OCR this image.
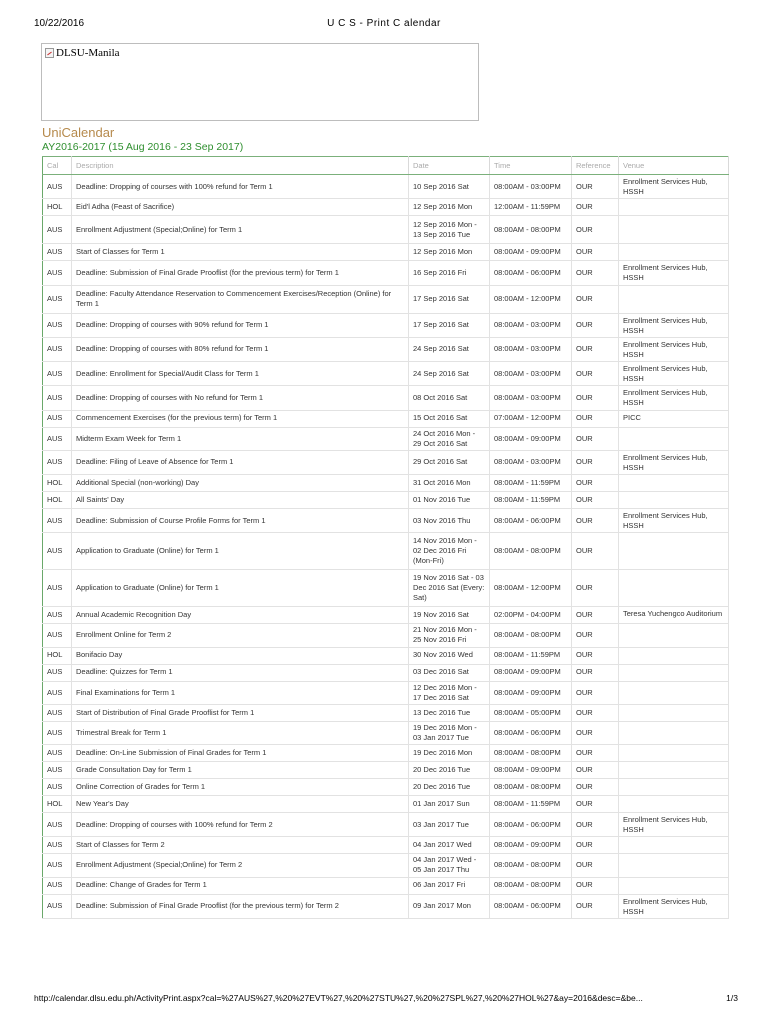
10/22/2016	U C S - Print C alendar
DLSU-Manila
UniCalendar
AY2016-2017 (15 Aug 2016 - 23 Sep 2017)
Cal	Description	Date	Time	Reference	Venue
AUS	Deadline: Dropping of courses with 100% refund for Term 1	10 Sep 2016 Sat	08:00AM - 03:00PM	OUR	Enrollment Services Hub, HSSH
HOL	Eid'l Adha (Feast of Sacrifice)	12 Sep 2016 Mon	12:00AM - 11:59PM	OUR	
AUS	Enrollment Adjustment (Special;Online) for Term 1	12 Sep 2016 Mon - 13 Sep 2016 Tue	08:00AM - 08:00PM	OUR	
AUS	Start of Classes for Term 1	12 Sep 2016 Mon	08:00AM - 09:00PM	OUR	
AUS	Deadline: Submission of Final Grade Prooflist (for the previous term) for Term 1	16 Sep 2016 Fri	08:00AM - 06:00PM	OUR	Enrollment Services Hub, HSSH
AUS	Deadline: Faculty Attendance Reservation to Commencement Exercises/Reception (Online) for Term 1	17 Sep 2016 Sat	08:00AM - 12:00PM	OUR	
AUS	Deadline: Dropping of courses with 90% refund for Term 1	17 Sep 2016 Sat	08:00AM - 03:00PM	OUR	Enrollment Services Hub, HSSH
AUS	Deadline: Dropping of courses with 80% refund for Term 1	24 Sep 2016 Sat	08:00AM - 03:00PM	OUR	Enrollment Services Hub, HSSH
AUS	Deadline: Enrollment for Special/Audit Class for Term 1	24 Sep 2016 Sat	08:00AM - 03:00PM	OUR	Enrollment Services Hub, HSSH
AUS	Deadline: Dropping of courses with No refund for Term 1	08 Oct 2016 Sat	08:00AM - 03:00PM	OUR	Enrollment Services Hub, HSSH
AUS	Commencement Exercises (for the previous term) for Term 1	15 Oct 2016 Sat	07:00AM - 12:00PM	OUR	PICC
AUS	Midterm Exam Week for Term 1	24 Oct 2016 Mon - 29 Oct 2016 Sat	08:00AM - 09:00PM	OUR	
AUS	Deadline: Filing of Leave of Absence for Term 1	29 Oct 2016 Sat	08:00AM - 03:00PM	OUR	Enrollment Services Hub, HSSH
HOL	Additional Special (non-working) Day	31 Oct 2016 Mon	08:00AM - 11:59PM	OUR	
HOL	All Saints' Day	01 Nov 2016 Tue	08:00AM - 11:59PM	OUR	
AUS	Deadline: Submission of Course Profile Forms for Term 1	03 Nov 2016 Thu	08:00AM - 06:00PM	OUR	Enrollment Services Hub, HSSH
AUS	Application to Graduate (Online) for Term 1	14 Nov 2016 Mon - 02 Dec 2016 Fri (Mon-Fri)	08:00AM - 08:00PM	OUR	
AUS	Application to Graduate (Online) for Term 1	19 Nov 2016 Sat - 03 Dec 2016 Sat (Every: Sat)	08:00AM - 12:00PM	OUR	
AUS	Annual Academic Recognition Day	19 Nov 2016 Sat	02:00PM - 04:00PM	OUR	Teresa Yuchengco Auditorium
AUS	Enrollment Online for Term 2	21 Nov 2016 Mon - 25 Nov 2016 Fri	08:00AM - 08:00PM	OUR	
HOL	Bonifacio Day	30 Nov 2016 Wed	08:00AM - 11:59PM	OUR	
AUS	Deadline: Quizzes for Term 1	03 Dec 2016 Sat	08:00AM - 09:00PM	OUR	
AUS	Final Examinations for Term 1	12 Dec 2016 Mon - 17 Dec 2016 Sat	08:00AM - 09:00PM	OUR	
AUS	Start of Distribution of Final Grade Prooflist for Term 1	13 Dec 2016 Tue	08:00AM - 05:00PM	OUR	
AUS	Trimestral Break for Term 1	19 Dec 2016 Mon - 03 Jan 2017 Tue	08:00AM - 06:00PM	OUR	
AUS	Deadline: On-Line Submission of Final Grades for Term 1	19 Dec 2016 Mon	08:00AM - 08:00PM	OUR	
AUS	Grade Consultation Day for Term 1	20 Dec 2016 Tue	08:00AM - 09:00PM	OUR	
AUS	Online Correction of Grades for Term 1	20 Dec 2016 Tue	08:00AM - 08:00PM	OUR	
HOL	New Year's Day	01 Jan 2017 Sun	08:00AM - 11:59PM	OUR	
AUS	Deadline: Dropping of courses with 100% refund for Term 2	03 Jan 2017 Tue	08:00AM - 06:00PM	OUR	Enrollment Services Hub, HSSH
AUS	Start of Classes for Term 2	04 Jan 2017 Wed	08:00AM - 09:00PM	OUR	
AUS	Enrollment Adjustment (Special;Online) for Term 2	04 Jan 2017 Wed - 05 Jan 2017 Thu	08:00AM - 08:00PM	OUR	
AUS	Deadline: Change of Grades for Term 1	06 Jan 2017 Fri	08:00AM - 08:00PM	OUR	
AUS	Deadline: Submission of Final Grade Prooflist (for the previous term) for Term 2	09 Jan 2017 Mon	08:00AM - 06:00PM	OUR	Enrollment Services Hub, HSSH
http://calendar.dlsu.edu.ph/ActivityPrint.aspx?cal=%27AUS%27,%20%27EVT%27,%20%27STU%27,%20%27SPL%27,%20%27HOL%27&ay=2016&desc=&be...	1/3
